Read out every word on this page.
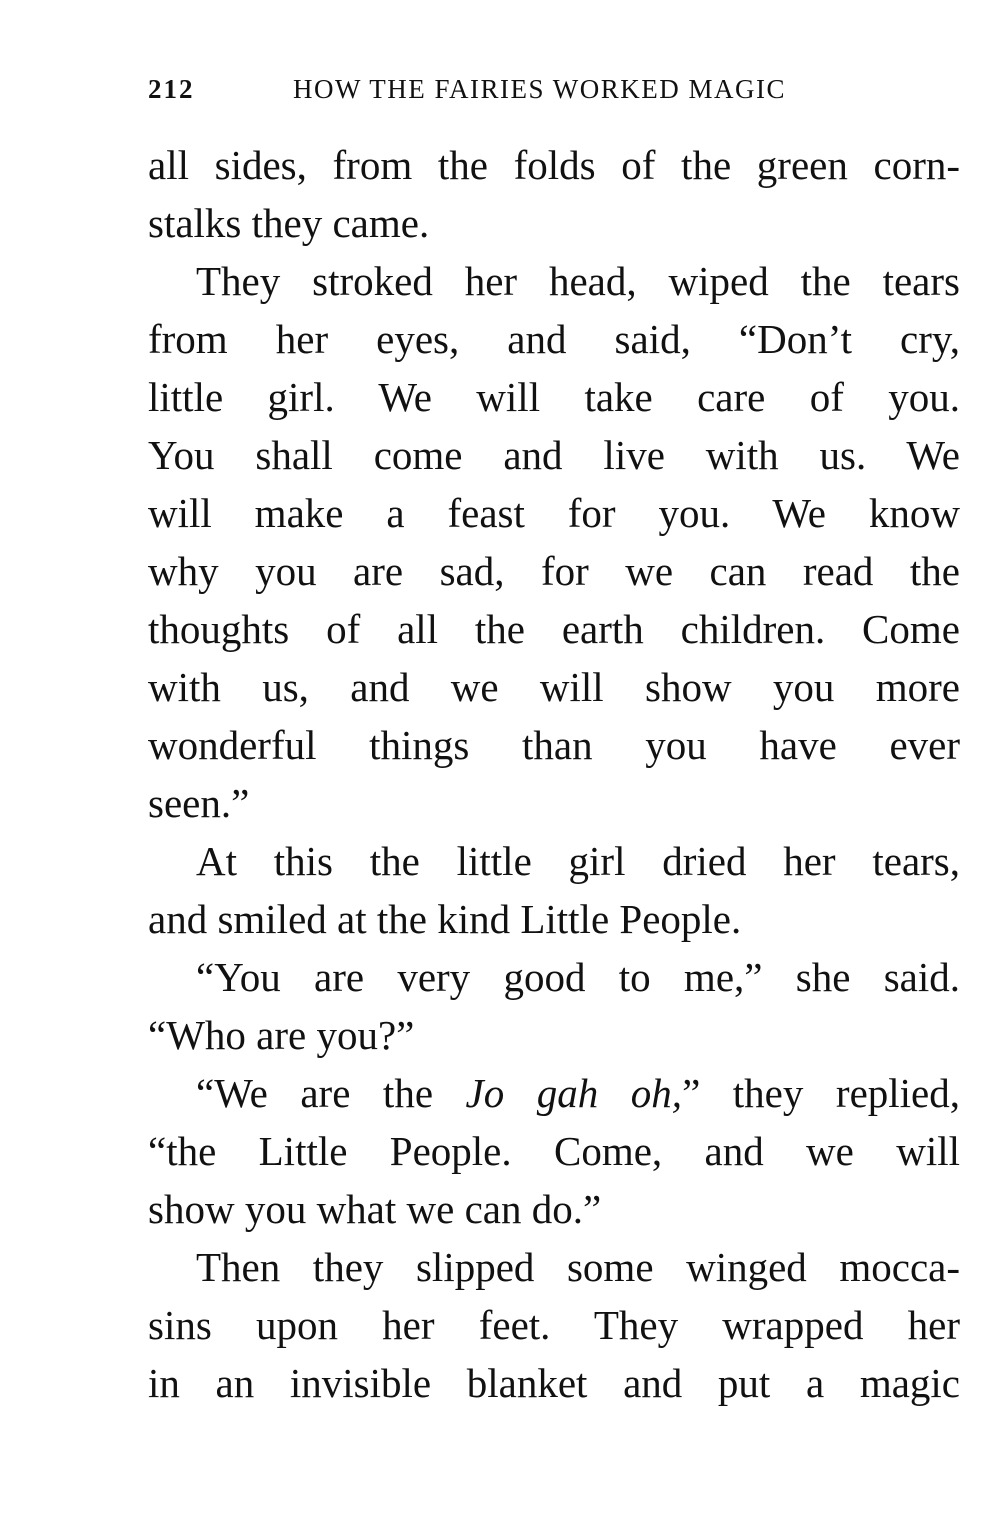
212	HOW THE FAIRIES WORKED MAGIC
all sides, from the folds of the green corn-
stalks they came.
They stroked her head, wiped the tears
from her eyes, and said, “Don’t cry,
little girl. We will take care of you.
You shall come and live with us. We
will make a feast for you. We know
why you are sad, for we can read the
thoughts of all the earth children. Come
with us, and we will show you more
wonderful things than you have ever
seen.”
At this the little girl dried her tears,
and smiled at the kind Little People.
“You are very good to me,” she said.
“Who are you?”
“We are the Jo gah oh,” they replied,
“the Little People. Come, and we will
show you what we can do.”
Then they slipped some winged mocca-
sins upon her feet. They wrapped her
in an invisible blanket and put a magic
